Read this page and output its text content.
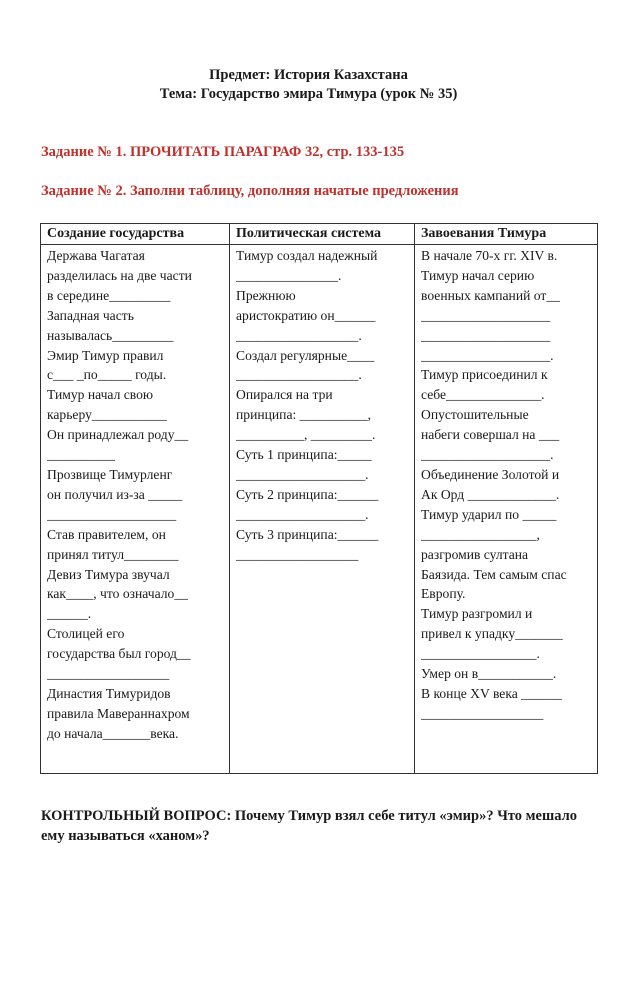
Предмет: История Казахстана
Тема: Государство эмира Тимура (урок № 35)
Задание № 1. ПРОЧИТАТЬ ПАРАГРАФ 32, стр. 133-135
Задание № 2. Заполни таблицу, дополняя начатые предложения
Создание государства
Держава Чагатая
разделилась на две части
в середине_________
Западная часть
называлась_________
Эмир Тимур правил
с___ _по_____ годы.
Тимур начал свою
карьеру___________
Он принадлежал роду__
__________
Прозвище Тимурленг
он получил из-за _____
___________________
Став правителем, он
принял титул________
Девиз Тимура звучал
как____, что означало__
______.
Столицей его
государства был город__
__________________
Династия Тимуридов
правила Мавераннахром
до начала_______века.
Политическая система
Тимур создал надежный
_______________.
Прежнюю
аристократию он______
__________________.
Создал регулярные____
__________________.
Опирался на три
принципа: __________,
__________, _________.
Суть 1 принципа:_____
___________________.
Суть 2 принципа:______
___________________.
Суть 3 принципа:______
__________________
Завоевания Тимура
В начале 70-х гг. XIV в.
Тимур начал серию
военных кампаний от__
___________________
___________________
___________________.
Тимур присоединил к
себе______________.
Опустошительные
набеги совершал на ___
___________________.
Объединение Золотой и
Ак Орд _____________.
Тимур ударил по _____
_________________,
разгромив султана
Баязида. Тем самым спас
Европу.
Тимур разгромил и
привел к упадку_______
_________________.
Умер он в___________.
В конце XV века ______
__________________
КОНТРОЛЬНЫЙ ВОПРОС: Почему Тимур взял себе титул «эмир»? Что мешало ему называться «ханом»?
